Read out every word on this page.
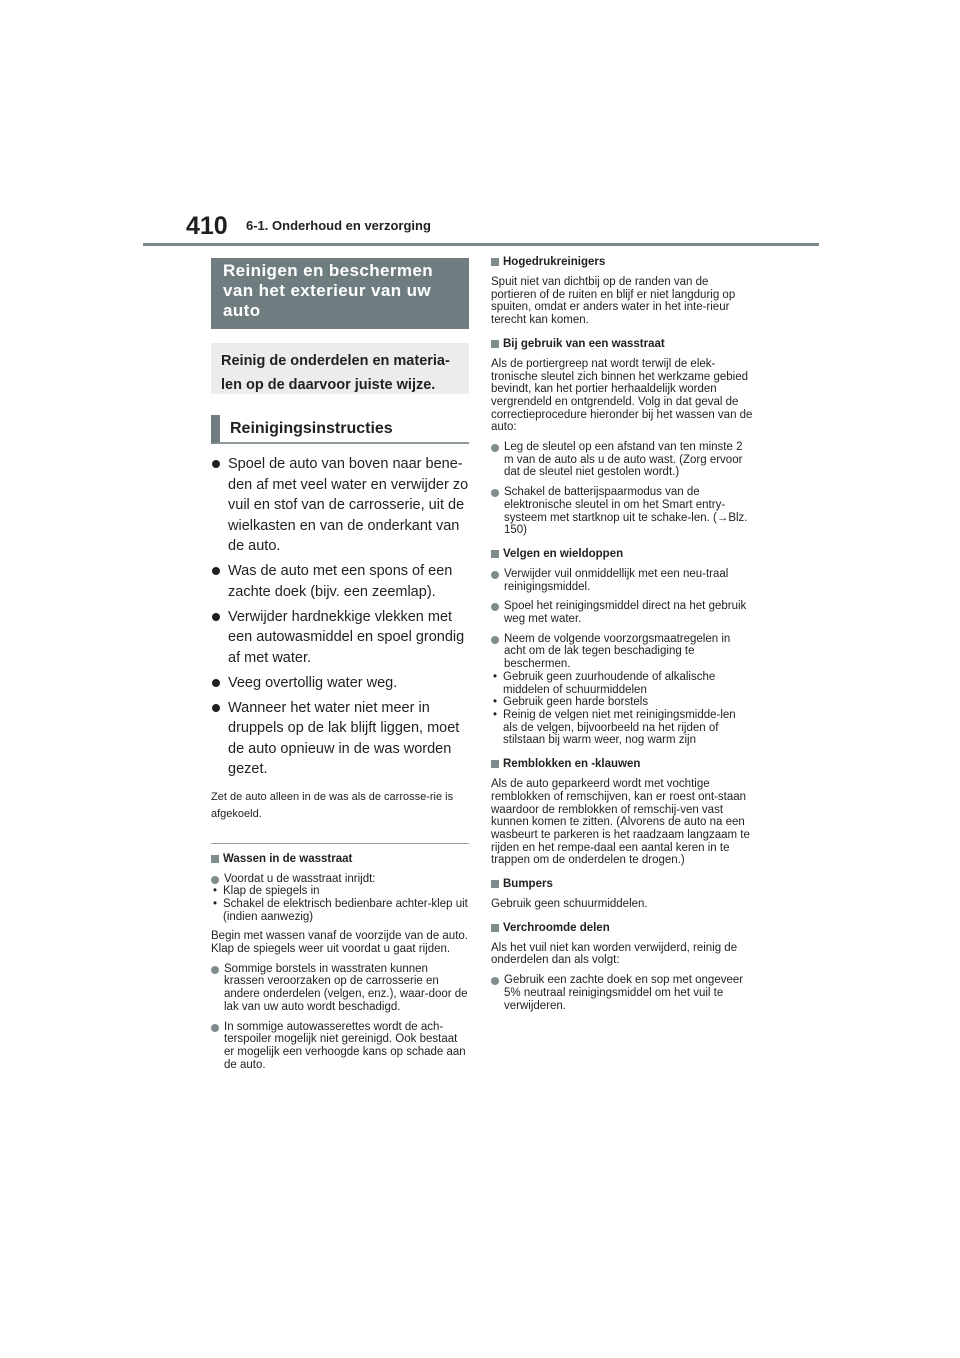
410 6-1. Onderhoud en verzorging
Reinigen en beschermen van het exterieur van uw auto
Reinig de onderdelen en materia-len op de daarvoor juiste wijze.
Reinigingsinstructies
Spoel de auto van boven naar bene-den af met veel water en verwijder zo vuil en stof van de carrosserie, uit de wielkasten en van de onderkant van de auto.
Was de auto met een spons of een zachte doek (bijv. een zeemlap).
Verwijder hardnekkige vlekken met een autowasmiddel en spoel grondig af met water.
Veeg overtollig water weg.
Wanneer het water niet meer in druppels op de lak blijft liggen, moet de auto opnieuw in de was worden gezet.
Zet de auto alleen in de was als de carrosse-rie is afgekoeld.
Wassen in de wasstraat
Voordat u de wasstraat inrijdt:
• Klap de spiegels in
• Schakel de elektrisch bedienbare achter-klep uit (indien aanwezig)
Begin met wassen vanaf de voorzijde van de auto. Klap de spiegels weer uit voordat u gaat rijden.
Sommige borstels in wasstraten kunnen krassen veroorzaken op de carrosserie en andere onderdelen (velgen, enz.), waar-door de lak van uw auto wordt beschadigd.
In sommige autowasserettes wordt de ach-terspoiler mogelijk niet gereinigd. Ook bestaat er mogelijk een verhoogde kans op schade aan de auto.
Hogedrukreinigers
Spuit niet van dichtbij op de randen van de portieren of de ruiten en blijf er niet langdurig op spuiten, omdat er anders water in het inte-rieur terecht kan komen.
Bij gebruik van een wasstraat
Als de portiergreep nat wordt terwijl de elek-tronische sleutel zich binnen het werkzame gebied bevindt, kan het portier herhaaldelijk worden vergrendeld en ontgrendeld. Volg in dat geval de correctieprocedure hieronder bij het wassen van de auto:
Leg de sleutel op een afstand van ten minste 2 m van de auto als u de auto wast. (Zorg ervoor dat de sleutel niet gestolen wordt.)
Schakel de batterijspaarmodus van de elektronische sleutel in om het Smart entry-systeem met startknop uit te schake-len. (→Blz. 150)
Velgen en wieldoppen
Verwijder vuil onmiddellijk met een neu-traal reinigingsmiddel.
Spoel het reinigingsmiddel direct na het gebruik weg met water.
Neem de volgende voorzorgsmaatregelen in acht om de lak tegen beschadiging te beschermen.
• Gebruik geen zuurhoudende of alkalische middelen of schuurmiddelen
• Gebruik geen harde borstels
• Reinig de velgen niet met reinigingsmidde-len als de velgen, bijvoorbeeld na het rijden of stilstaan bij warm weer, nog warm zijn
Remblokken en -klauwen
Als de auto geparkeerd wordt met vochtige remblokken of remschijven, kan er roest ont-staan waardoor de remblokken of remschij-ven vast kunnen komen te zitten. (Alvorens de auto na een wasbeurt te parkeren is het raadzaam langzaam te rijden en het rempe-daal een aantal keren in te trappen om de onderdelen te drogen.)
Bumpers
Gebruik geen schuurmiddelen.
Verchroomde delen
Als het vuil niet kan worden verwijderd, reinig de onderdelen dan als volgt:
Gebruik een zachte doek en sop met ongeveer 5% neutraal reinigingsmiddel om het vuil te verwijderen.
